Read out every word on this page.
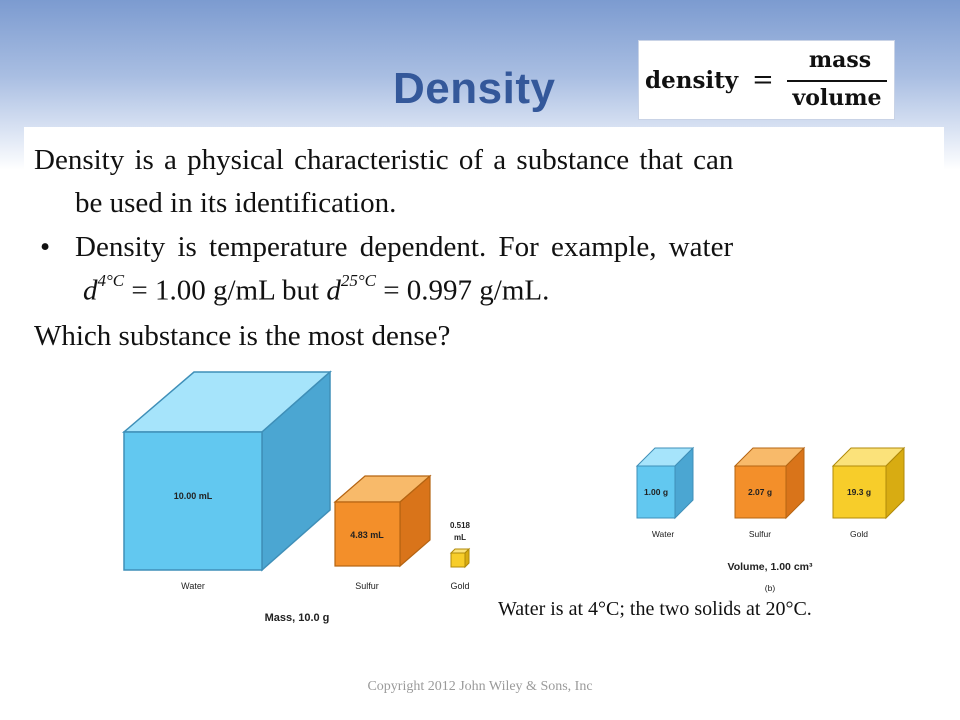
Density	density =
mass
volume
Density is a physical characteristic of a substance that can
be used in its identification.
• Density is temperature dependent. For example, water
$d^{4^\circ C} = 1.00$ g/mL but $d^{25^\circ C} = 0.997$ g/mL.
Which substance is the most dense?
10.00 mL
4.83 mL
0.518
mL
Water	Sulfur	Gold
Mass, 10.0 g
1.00 g	2.07 g	19.3 g
Water	Sulfur	Gold
Volume, 1.00 cm³
(b)
Water is at 4°C; the two solids at 20°C.
Copyright 2012 John Wiley & Sons, Inc
